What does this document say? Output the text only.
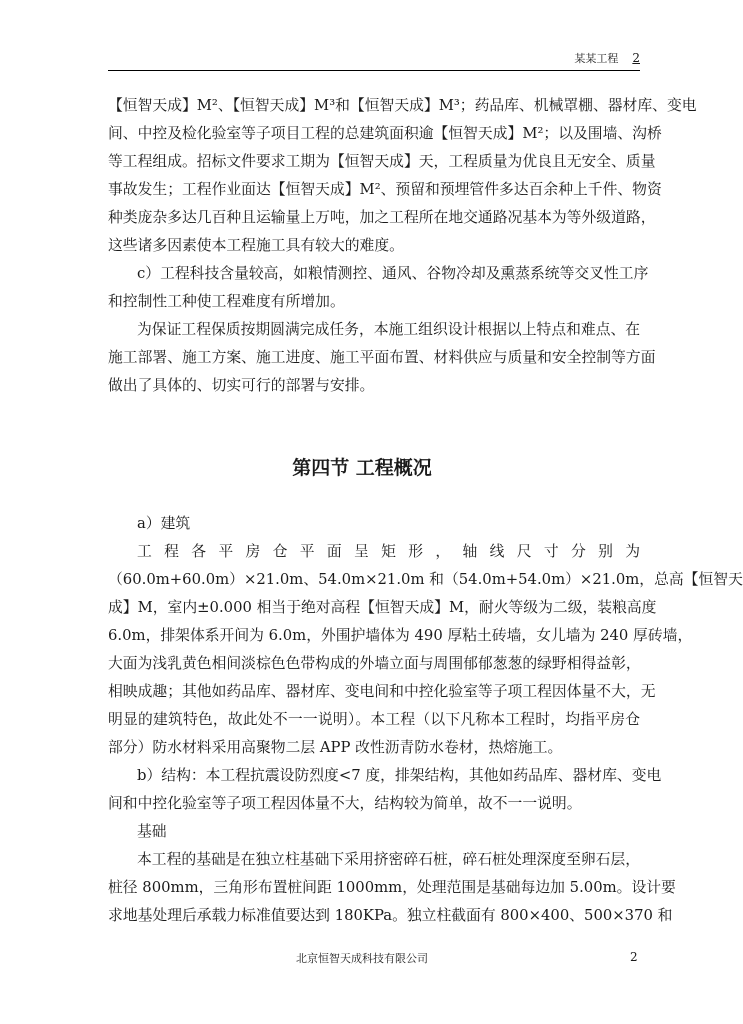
某某工程 2
【恒智天成】M²、【恒智天成】M³和【恒智天成】M³；药品库、机械罩棚、器材库、变电
间、中控及检化验室等子项目工程的总建筑面积逾【恒智天成】M²；以及围墙、沟桥
等工程组成。招标文件要求工期为【恒智天成】天，工程质量为优良且无安全、质量
事故发生；工程作业面达【恒智天成】M²、预留和预埋管件多达百余种上千件、物资
种类庞杂多达几百种且运输量上万吨，加之工程所在地交通路况基本为等外级道路，
这些诸多因素使本工程施工具有较大的难度。
c）工程科技含量较高，如粮情测控、通风、谷物冷却及熏蒸系统等交叉性工序
和控制性工种使工程难度有所增加。
为保证工程保质按期圆满完成任务，本施工组织设计根据以上特点和难点、在
施工部署、施工方案、施工进度、施工平面布置、材料供应与质量和安全控制等方面
做出了具体的、切实可行的部署与安排。
第四节 工程概况
a）建筑
工 程 各 平 房 仓 平 面 呈 矩 形 ， 轴 线 尺 寸 分 别 为
（60.0m+60.0m）×21.0m、54.0m×21.0m 和（54.0m+54.0m）×21.0m，总高【恒智天
成】M，室内±0.000 相当于绝对高程【恒智天成】M，耐火等级为二级，装粮高度
6.0m，排架体系开间为 6.0m，外围护墙体为 490 厚粘土砖墙，女儿墙为 240 厚砖墙，
大面为浅乳黄色相间淡棕色色带构成的外墙立面与周围郁郁葱葱的绿野相得益彰，
相映成趣；其他如药品库、器材库、变电间和中控化验室等子项工程因体量不大，无
明显的建筑特色，故此处不一一说明）。本工程（以下凡称本工程时，均指平房仓
部分）防水材料采用高聚物二层 APP 改性沥青防水卷材，热熔施工。
b）结构：本工程抗震设防烈度<7 度，排架结构，其他如药品库、器材库、变电
间和中控化验室等子项工程因体量不大，结构较为简单，故不一一说明。
基础
本工程的基础是在独立柱基础下采用挤密碎石桩，碎石桩处理深度至卵石层，
桩径 800mm，三角形布置桩间距 1000mm，处理范围是基础每边加 5.00m。设计要
求地基处理后承载力标准值要达到 180KPa。独立柱截面有 800×400、500×370 和
北京恒智天成科技有限公司	2
